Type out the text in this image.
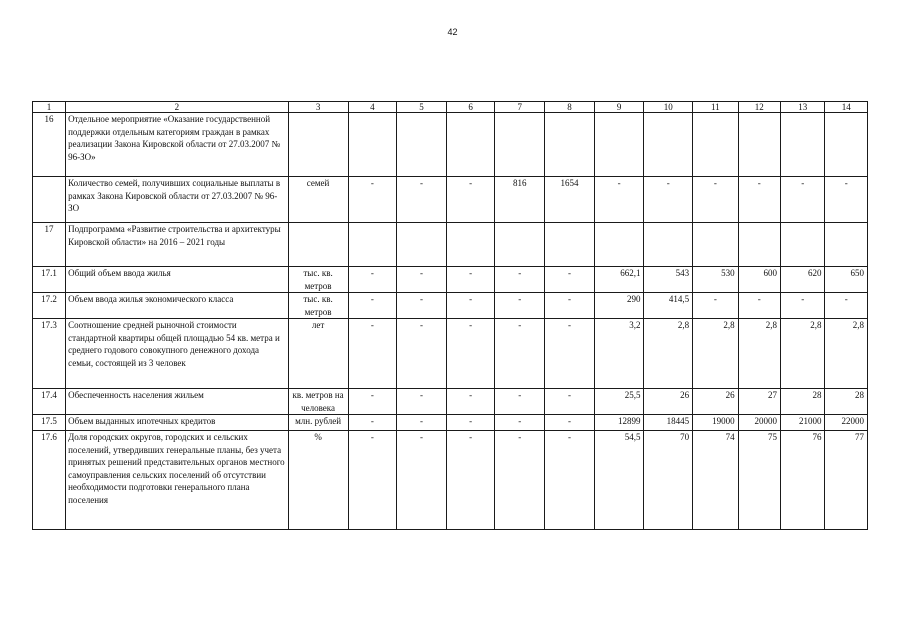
42
1	2	3	4	5	6	7	8	9	10	11	12	13	14
16	Отдельное мероприятие «Оказание государственной поддержки отдельным категориям граждан в рамках реализации Закона Кировской области от 27.03.2007 № 96-ЗО»												
	Количество семей, получивших социальные выплаты в рамках Закона Кировской области от 27.03.2007 № 96-ЗО	семей	-	-	-	816	1654	-	-	-	-	-	-
17	Подпрограмма «Развитие строительства и архитектуры Кировской области» на 2016 – 2021 годы												
17.1	Общий объем ввода жилья	тыс. кв. метров	-	-	-	-	-	662,1	543	530	600	620	650
17.2	Объем ввода жилья экономического класса	тыс. кв. метров	-	-	-	-	-	290	414,5	-	-	-	-
17.3	Соотношение средней рыночной стоимости стандартной квартиры общей площадью 54 кв. метра и среднего годового совокупного денежного дохода семьи, состоящей из 3 человек	лет	-	-	-	-	-	3,2	2,8	2,8	2,8	2,8	2,8
17.4	Обеспеченность населения жильем	кв. метров на человека	-	-	-	-	-	25,5	26	26	27	28	28
17.5	Объем выданных ипотечных кредитов	млн. рублей	-	-	-	-	-	12899	18445	19000	20000	21000	22000
17.6	Доля городских округов, городских и сельских поселений, утвердивших генеральные планы, без учета принятых решений представительных органов местного самоуправления сельских поселений об отсутствии необходимости подготовки генерального плана поселения	%	-	-	-	-	-	54,5	70	74	75	76	77
